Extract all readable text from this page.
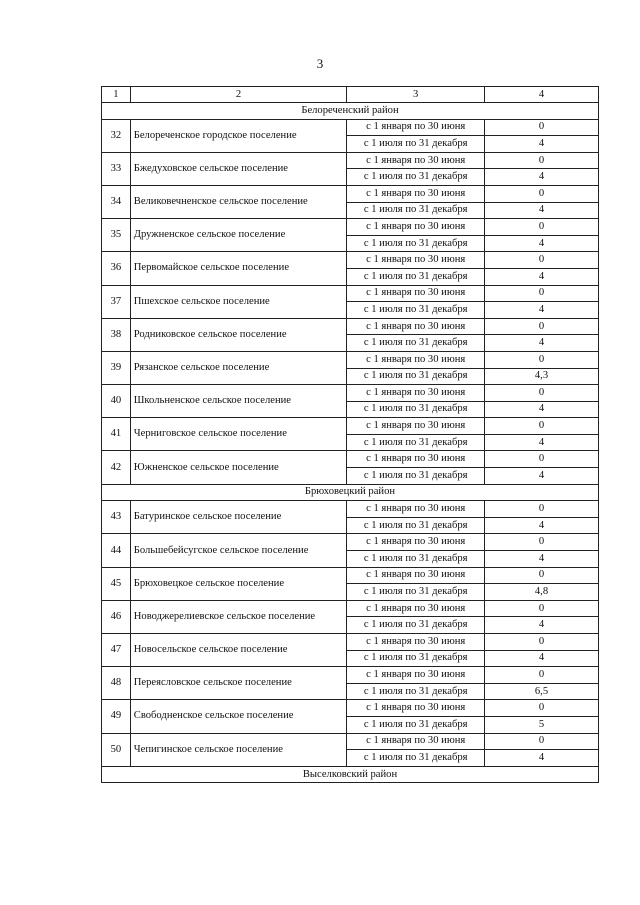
3
1	2	3	4
Белореченский район			
32	Белореченское городское поселение	с 1 января по 30 июня	0
		с 1 июля по 31 декабря	4
33	Бжедуховское сельское поселение	с 1 января по 30 июня	0
		с 1 июля по 31 декабря	4
34	Великовечненское сельское поселение	с 1 января по 30 июня	0
		с 1 июля по 31 декабря	4
35	Дружненское сельское поселение	с 1 января по 30 июня	0
		с 1 июля по 31 декабря	4
36	Первомайское сельское поселение	с 1 января по 30 июня	0
		с 1 июля по 31 декабря	4
37	Пшехское сельское поселение	с 1 января по 30 июня	0
		с 1 июля по 31 декабря	4
38	Родниковское сельское поселение	с 1 января по 30 июня	0
		с 1 июля по 31 декабря	4
39	Рязанское сельское поселение	с 1 января по 30 июня	0
		с 1 июля по 31 декабря	4,3
40	Школьненское сельское поселение	с 1 января по 30 июня	0
		с 1 июля по 31 декабря	4
41	Черниговское сельское поселение	с 1 января по 30 июня	0
		с 1 июля по 31 декабря	4
42	Южненское сельское поселение	с 1 января по 30 июня	0
		с 1 июля по 31 декабря	4
Брюховецкий район			
43	Батуринское сельское поселение	с 1 января по 30 июня	0
		с 1 июля по 31 декабря	4
44	Большебейсугское сельское поселение	с 1 января по 30 июня	0
		с 1 июля по 31 декабря	4
45	Брюховецкое сельское поселение	с 1 января по 30 июня	0
		с 1 июля по 31 декабря	4,8
46	Новоджерелиевское сельское поселение	с 1 января по 30 июня	0
		с 1 июля по 31 декабря	4
47	Новосельское сельское поселение	с 1 января по 30 июня	0
		с 1 июля по 31 декабря	4
48	Переясловское сельское поселение	с 1 января по 30 июня	0
		с 1 июля по 31 декабря	6,5
49	Свободненское сельское поселение	с 1 января по 30 июня	0
		с 1 июля по 31 декабря	5
50	Чепигинское сельское поселение	с 1 января по 30 июня	0
		с 1 июля по 31 декабря	4
Выселковский район			
